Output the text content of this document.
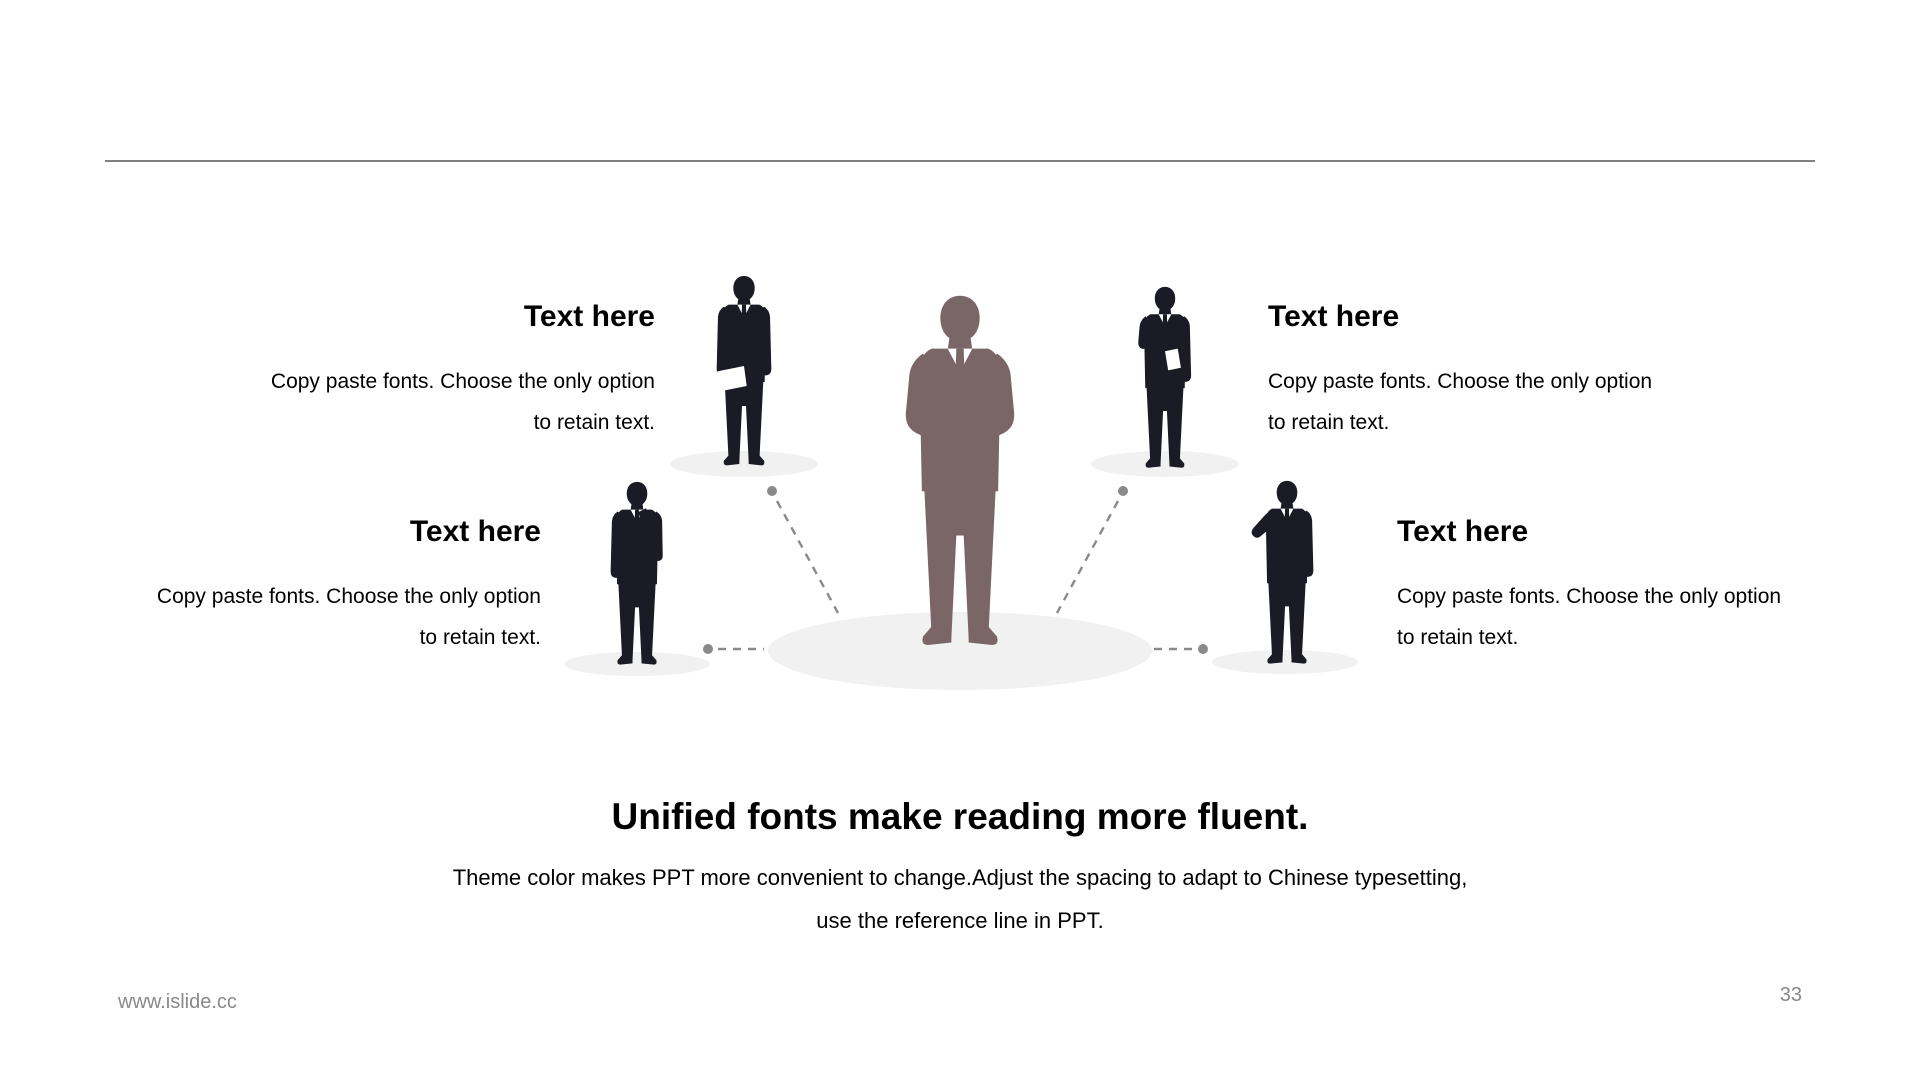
Text here
Copy paste fonts. Choose the only option
to retain text.
Text here
Copy paste fonts. Choose the only option
to retain text.
Text here
Copy paste fonts. Choose the only option
to retain text.
Text here
Copy paste fonts. Choose the only option
to retain text.
Unified fonts make reading more fluent.
Theme color makes PPT more convenient to change.Adjust the spacing to adapt to Chinese typesetting,
use the reference line in PPT.
www.islide.cc	33
